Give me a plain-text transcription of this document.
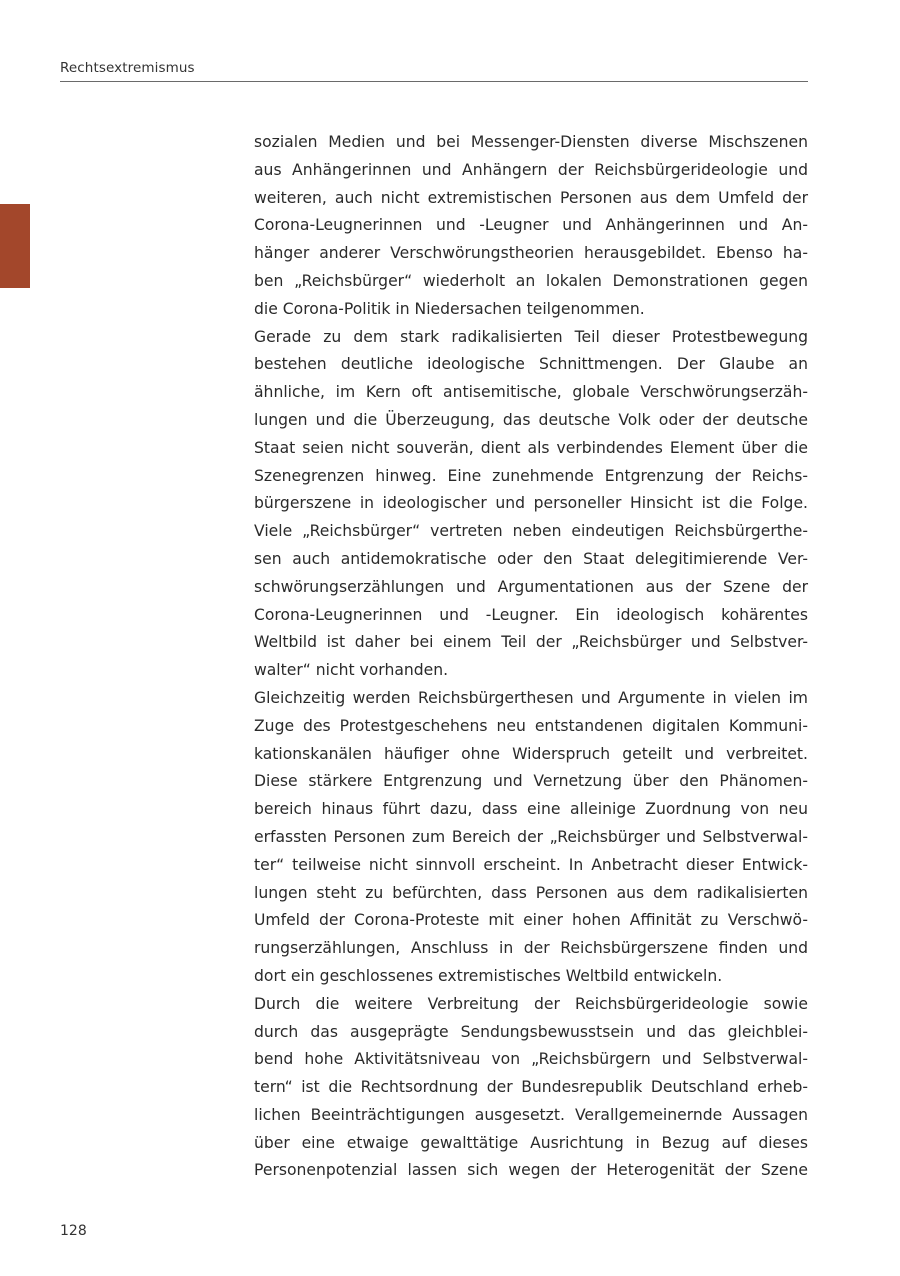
Rechtsextremismus
sozialen Medien und bei Messenger-Diensten diverse Mischszenen
aus Anhängerinnen und Anhängern der Reichsbürgerideologie und
weiteren, auch nicht extremistischen Personen aus dem Umfeld der
Corona-Leugnerinnen und -Leugner und Anhängerinnen und An-
hänger anderer Verschwörungstheorien herausgebildet. Ebenso ha-
ben „Reichsbürger“ wiederholt an lokalen Demonstrationen gegen
die Corona-Politik in Niedersachen teilgenommen.
Gerade zu dem stark radikalisierten Teil dieser Protestbewegung
bestehen deutliche ideologische Schnittmengen. Der Glaube an
ähnliche, im Kern oft antisemitische, globale Verschwörungserzäh-
lungen und die Überzeugung, das deutsche Volk oder der deutsche
Staat seien nicht souverän, dient als verbindendes Element über die
Szenegrenzen hinweg. Eine zunehmende Entgrenzung der Reichs-
bürgerszene in ideologischer und personeller Hinsicht ist die Folge.
Viele „Reichsbürger“ vertreten neben eindeutigen Reichsbürgerthe-
sen auch antidemokratische oder den Staat delegitimierende Ver-
schwörungserzählungen und Argumentationen aus der Szene der
Corona-Leugnerinnen und -Leugner. Ein ideologisch kohärentes
Weltbild ist daher bei einem Teil der „Reichsbürger und Selbstver-
walter“ nicht vorhanden.
Gleichzeitig werden Reichsbürgerthesen und Argumente in vielen im
Zuge des Protestgeschehens neu entstandenen digitalen Kommuni-
kationskanälen häufiger ohne Widerspruch geteilt und verbreitet.
Diese stärkere Entgrenzung und Vernetzung über den Phänomen-
bereich hinaus führt dazu, dass eine alleinige Zuordnung von neu
erfassten Personen zum Bereich der „Reichsbürger und Selbstverwal-
ter“ teilweise nicht sinnvoll erscheint. In Anbetracht dieser Entwick-
lungen steht zu befürchten, dass Personen aus dem radikalisierten
Umfeld der Corona-Proteste mit einer hohen Affinität zu Verschwö-
rungserzählungen, Anschluss in der Reichsbürgerszene finden und
dort ein geschlossenes extremistisches Weltbild entwickeln.
Durch die weitere Verbreitung der Reichsbürgerideologie sowie
durch das ausgeprägte Sendungsbewusstsein und das gleichblei-
bend hohe Aktivitätsniveau von „Reichsbürgern und Selbstverwal-
tern“ ist die Rechtsordnung der Bundesrepublik Deutschland erheb-
lichen Beeinträchtigungen ausgesetzt. Verallgemeinernde Aussagen
über eine etwaige gewalttätige Ausrichtung in Bezug auf dieses
Personenpotenzial lassen sich wegen der Heterogenität der Szene
128
